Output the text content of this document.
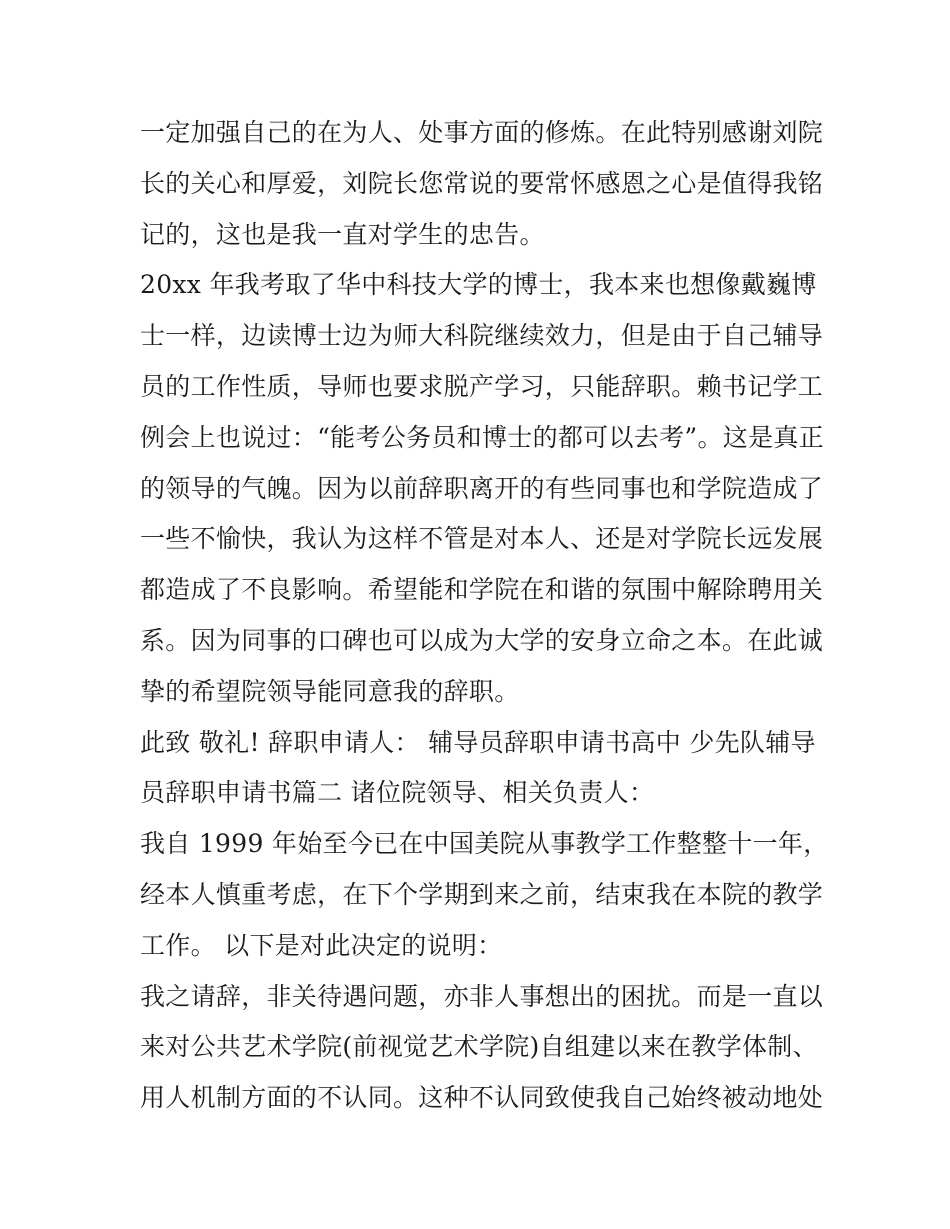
一定加强自己的在为人、处事方面的修炼。在此特别感谢刘院
长的关心和厚爱，刘院长您常说的要常怀感恩之心是值得我铭
记的，这也是我一直对学生的忠告。
20xx 年我考取了华中科技大学的博士，我本来也想像戴巍博
士一样，边读博士边为师大科院继续效力，但是由于自己辅导
员的工作性质，导师也要求脱产学习，只能辞职。赖书记学工
例会上也说过：“能考公务员和博士的都可以去考”。这是真正
的领导的气魄。因为以前辞职离开的有些同事也和学院造成了
一些不愉快，我认为这样不管是对本人、还是对学院长远发展
都造成了不良影响。希望能和学院在和谐的氛围中解除聘用关
系。因为同事的口碑也可以成为大学的安身立命之本。在此诚
挚的希望院领导能同意我的辞职。
此致 敬礼! 辞职申请人： 辅导员辞职申请书高中 少先队辅导
员辞职申请书篇二 诸位院领导、相关负责人：
我自 1999 年始至今已在中国美院从事教学工作整整十一年，
经本人慎重考虑，在下个学期到来之前，结束我在本院的教学
工作。 以下是对此决定的说明：
我之请辞，非关待遇问题，亦非人事想出的困扰。而是一直以
来对公共艺术学院(前视觉艺术学院)自组建以来在教学体制、
用人机制方面的不认同。这种不认同致使我自己始终被动地处
